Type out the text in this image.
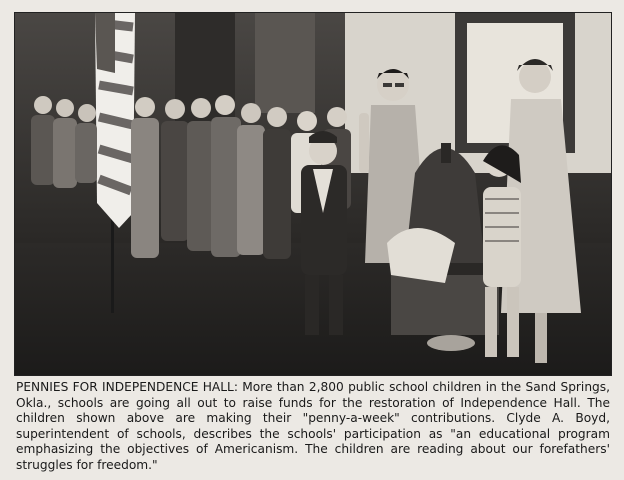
PENNIES FOR INDEPENDENCE HALL: More than 2,800 public school children in the Sand Springs, Okla., schools are going all out to raise funds for the restoration of Independence Hall. The children shown above are making their "penny-a-week" contributions. Clyde A. Boyd, superintendent of schools, describes the schools' participation as "an educational program emphasizing the objectives of Americanism. The children are reading about our forefathers' struggles for freedom."
